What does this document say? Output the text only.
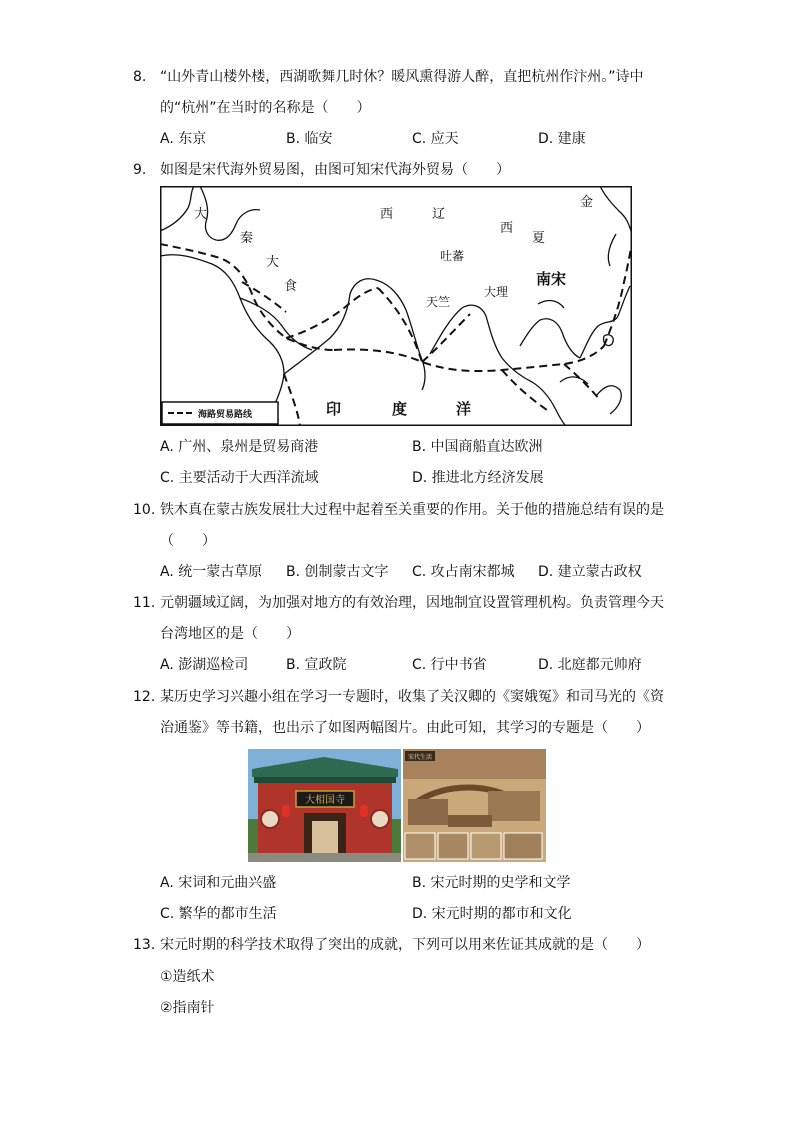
8. “山外青山楼外楼，西湖歌舞几时休？暖风熏得游人醉，直把杭州作汴州。”诗中
的“杭州”在当时的名称是（　　）
A. 东京	B. 临安	C. 应天	D. 建康
9. 如图是宋代海外贸易图，由图可知宋代海外贸易（　　）
大
秦
大
食
西	辽
金
西
夏
吐蕃
南宋
大理
天竺
印	度	洋
海路贸易路线
A. 广州、泉州是贸易商港	B. 中国商船直达欧洲
C. 主要活动于大西洋流域	D. 推进北方经济发展
10. 铁木真在蒙古族发展壮大过程中起着至关重要的作用。关于他的措施总结有误的是
（　　）
A. 统一蒙古草原 B. 创制蒙古文字 C. 攻占南宋都城 D. 建立蒙古政权
11. 元朝疆域辽阔，为加强对地方的有效治理，因地制宜设置管理机构。负责管理今天
台湾地区的是（　　）
A. 澎湖巡检司	B. 宣政院	C. 行中书省	D. 北庭都元帅府
12. 某历史学习兴趣小组在学习一专题时，收集了关汉卿的《窦娥冤》和司马光的《资
治通鉴》等书籍，也出示了如图两幅图片。由此可知，其学习的专题是（　　）
大相国寺
宋代生活
A. 宋词和元曲兴盛	B. 宋元时期的史学和文学
C. 繁华的都市生活	D. 宋元时期的都市和文化
13. 宋元时期的科学技术取得了突出的成就，下列可以用来佐证其成就的是（　　）
①造纸术
②指南针
